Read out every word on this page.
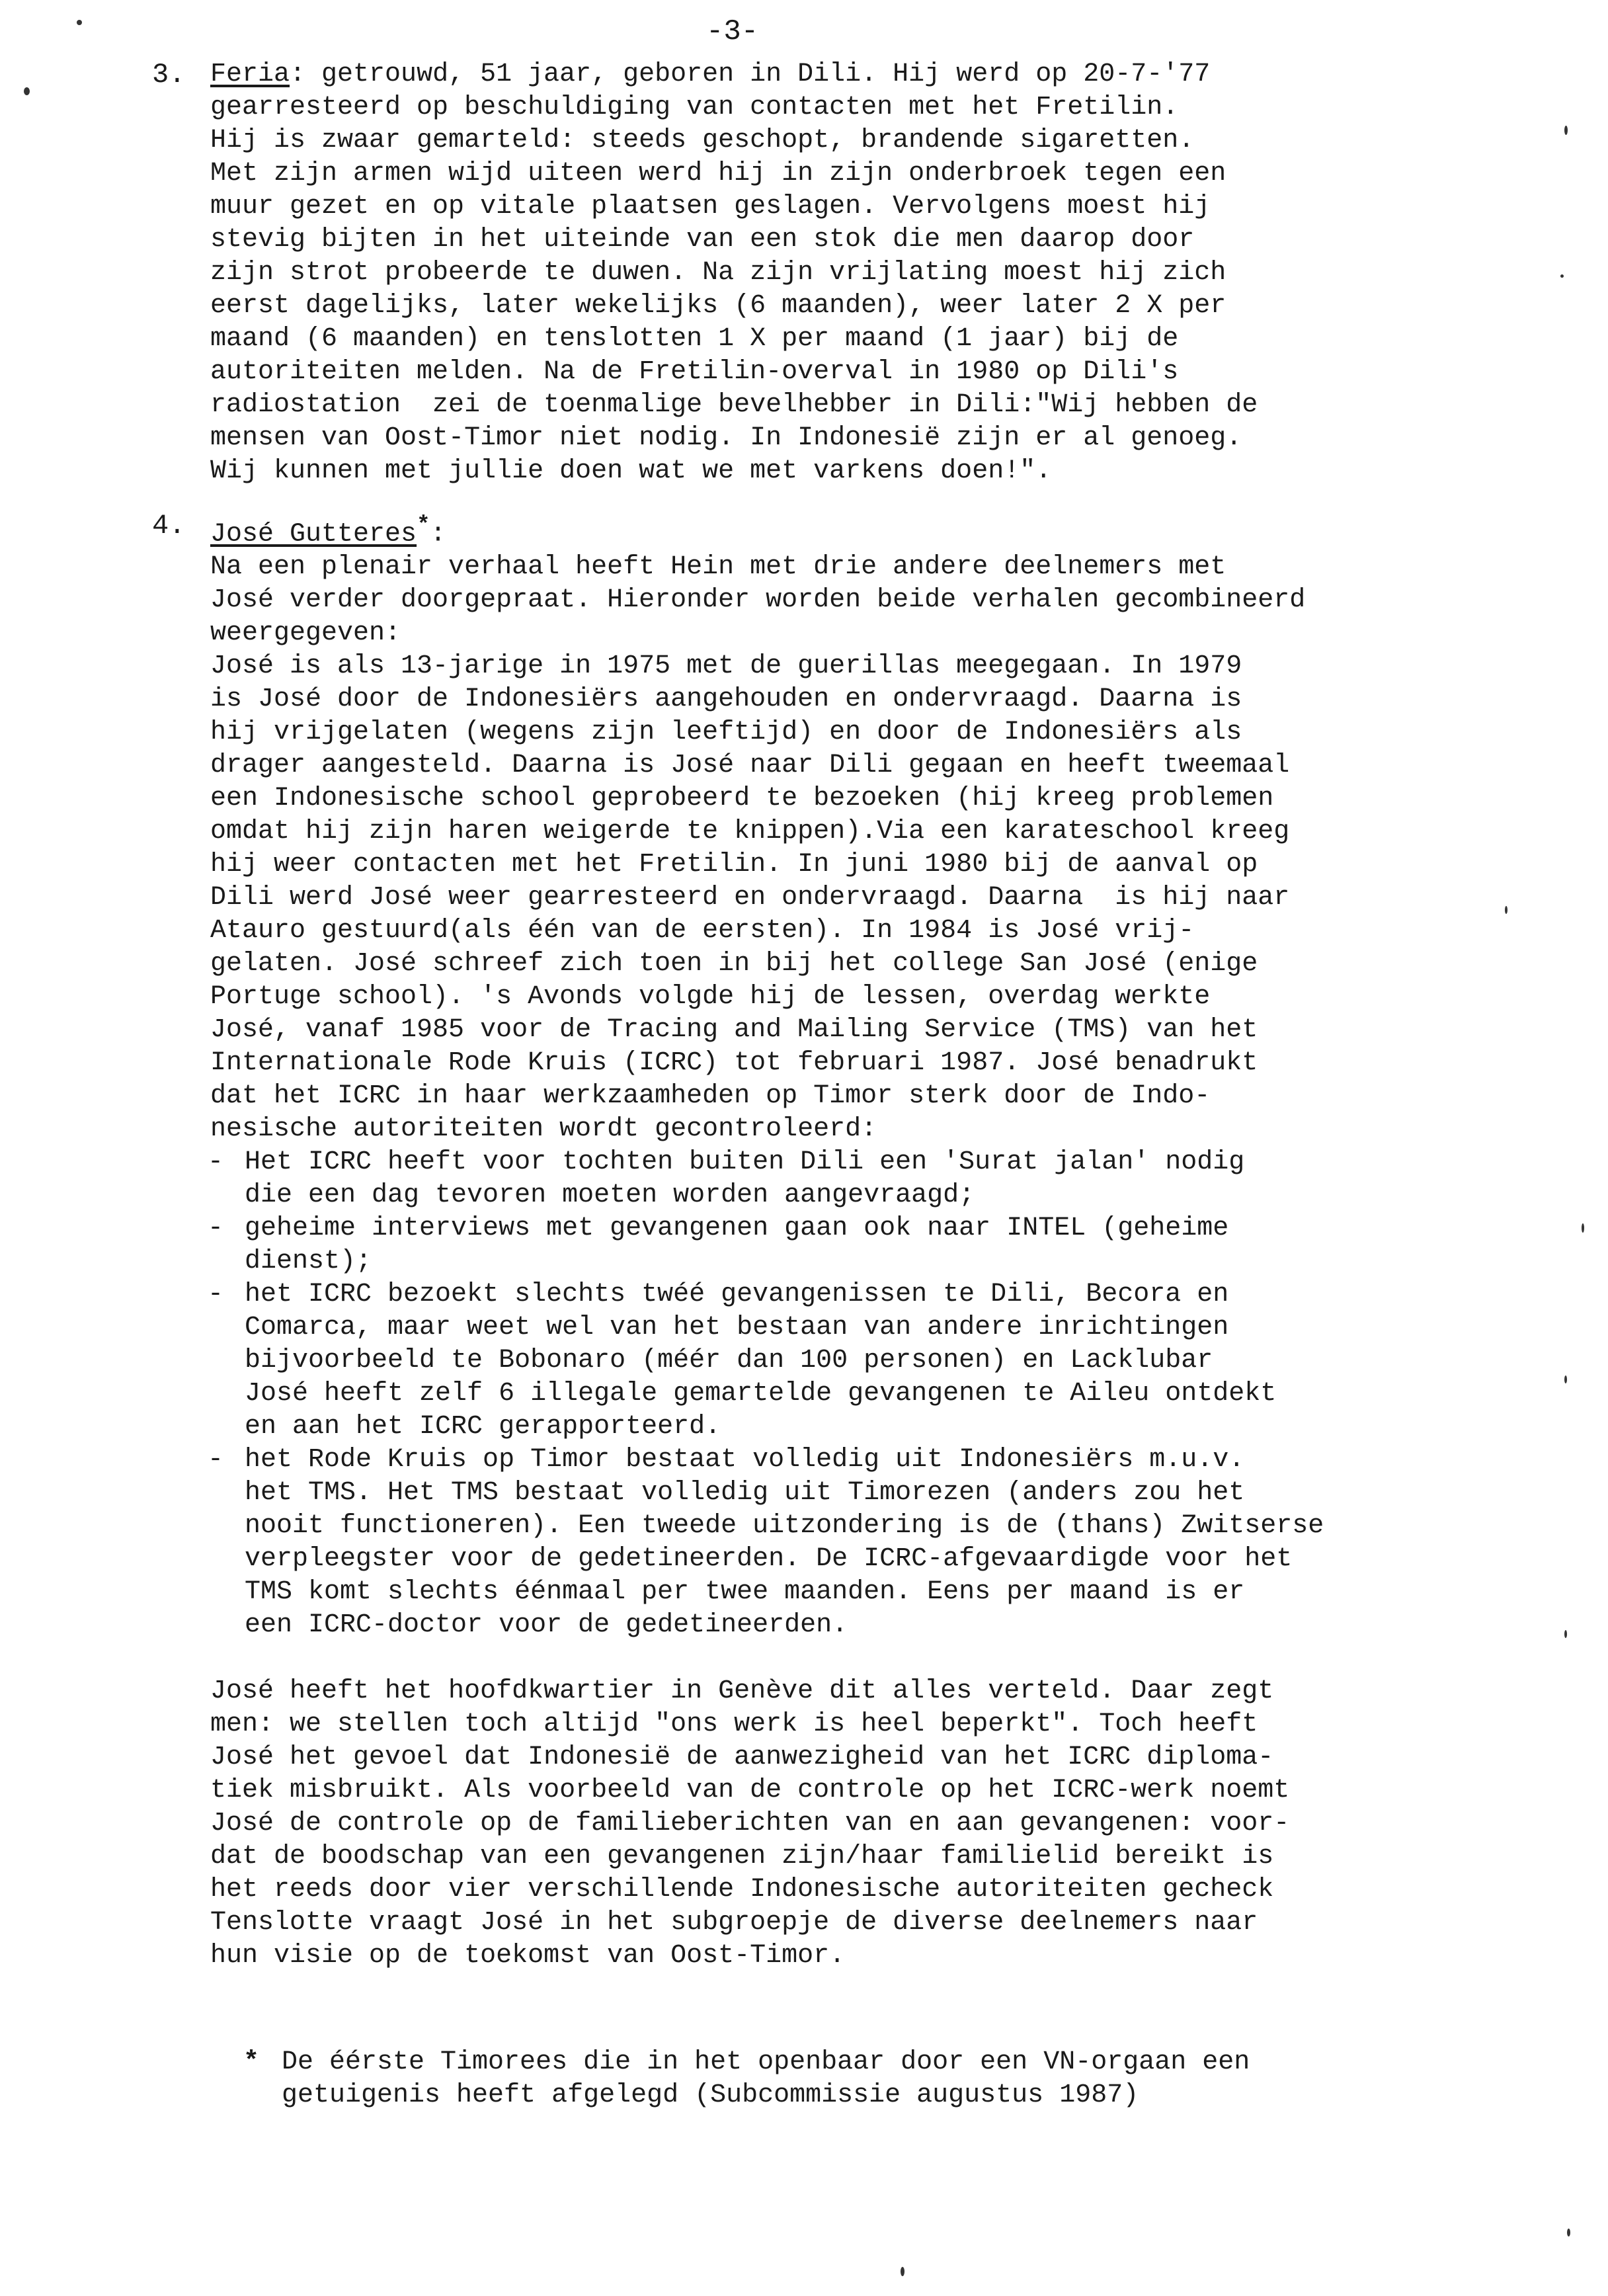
-3-
3. Feria: getrouwd, 51 jaar, geboren in Dili. Hij werd op 20-7-'77
gearresteerd op beschuldiging van contacten met het Fretilin.
Hij is zwaar gemarteld: steeds geschopt, brandende sigaretten.
Met zijn armen wijd uiteen werd hij in zijn onderbroek tegen een
muur gezet en op vitale plaatsen geslagen. Vervolgens moest hij
stevig bijten in het uiteinde van een stok die men daarop door
zijn strot probeerde te duwen. Na zijn vrijlating moest hij zich
eerst dagelijks, later wekelijks (6 maanden), weer later 2 X per
maand (6 maanden) en tenslotten 1 X per maand (1 jaar) bij de
autoriteiten melden. Na de Fretilin-overval in 1980 op Dili's
radiostation  zei de toenmalige bevelhebber in Dili:"Wij hebben de
mensen van Oost-Timor niet nodig. In Indonesië zijn er al genoeg.
Wij kunnen met jullie doen wat we met varkens doen!".
4. José Gutteres*:
Na een plenair verhaal heeft Hein met drie andere deelnemers met
José verder doorgepraat. Hieronder worden beide verhalen gecombineerd
weergegeven:
José is als 13-jarige in 1975 met de guerillas meegegaan. In 1979
is José door de Indonesiërs aangehouden en ondervraagd. Daarna is
hij vrijgelaten (wegens zijn leeftijd) en door de Indonesiërs als
drager aangesteld. Daarna is José naar Dili gegaan en heeft tweemaal
een Indonesische school geprobeerd te bezoeken (hij kreeg problemen
omdat hij zijn haren weigerde te knippen).Via een karateschool kreeg
hij weer contacten met het Fretilin. In juni 1980 bij de aanval op
Dili werd José weer gearresteerd en ondervraagd. Daarna  is hij naar
Atauro gestuurd(als één van de eersten). In 1984 is José vrij-
gelaten. José schreef zich toen in bij het college San José (enige
Portuge school). 's Avonds volgde hij de lessen, overdag werkte
José, vanaf 1985 voor de Tracing and Mailing Service (TMS) van het
Internationale Rode Kruis (ICRC) tot februari 1987. José benadrukt
dat het ICRC in haar werkzaamheden op Timor sterk door de Indo-
nesische autoriteiten wordt gecontroleerd:
- Het ICRC heeft voor tochten buiten Dili een 'Surat jalan' nodig
die een dag tevoren moeten worden aangevraagd;
- geheime interviews met gevangenen gaan ook naar INTEL (geheime
dienst);
- het ICRC bezoekt slechts twéé gevangenissen te Dili, Becora en
Comarca, maar weet wel van het bestaan van andere inrichtingen
bijvoorbeeld te Bobonaro (méér dan 100 personen) en Lacklubar
José heeft zelf 6 illegale gemartelde gevangenen te Aileu ontdekt
en aan het ICRC gerapporteerd.
- het Rode Kruis op Timor bestaat volledig uit Indonesiërs m.u.v.
het TMS. Het TMS bestaat volledig uit Timorezen (anders zou het
nooit functioneren). Een tweede uitzondering is de (thans) Zwitserse
verpleegster voor de gedetineerden. De ICRC-afgevaardigde voor het
TMS komt slechts éénmaal per twee maanden. Eens per maand is er
een ICRC-doctor voor de gedetineerden.
José heeft het hoofdkwartier in Genève dit alles verteld. Daar zegt
men: we stellen toch altijd "ons werk is heel beperkt". Toch heeft
José het gevoel dat Indonesië de aanwezigheid van het ICRC diploma-
tiek misbruikt. Als voorbeeld van de controle op het ICRC-werk noemt
José de controle op de familieberichten van en aan gevangenen: voor-
dat de boodschap van een gevangenen zijn/haar familielid bereikt is
het reeds door vier verschillende Indonesische autoriteiten gecheck
Tenslotte vraagt José in het subgroepje de diverse deelnemers naar
hun visie op de toekomst van Oost-Timor.
* De éérste Timorees die in het openbaar door een VN-orgaan een
getuigenis heeft afgelegd (Subcommissie augustus 1987)
